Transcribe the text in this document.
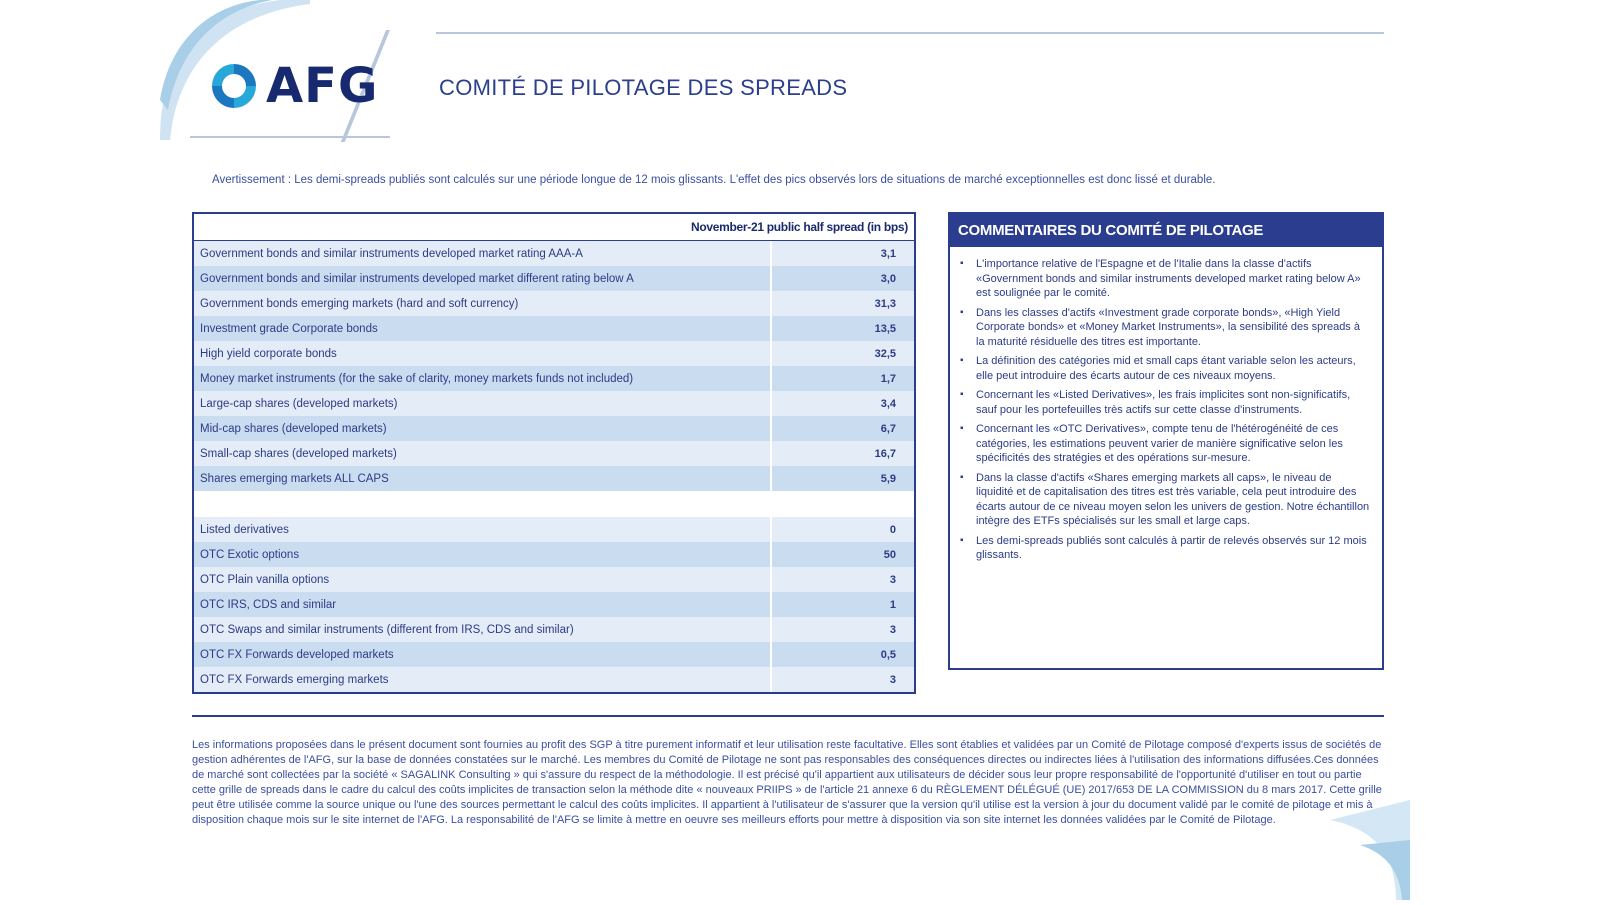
AFG	COMITÉ DE PILOTAGE DES SPREADS
Avertissement : Les demi-spreads publiés sont calculés sur une période longue de 12 mois glissants. L'effet des pics observés lors de situations de marché exceptionnelles est donc lissé et durable.
November-21 public half spread (in bps)
Government bonds and similar instruments developed market rating AAA-A	3,1
Government bonds and similar instruments developed market different rating below A	3,0
Government bonds emerging markets (hard and soft currency)	31,3
Investment grade Corporate bonds	13,5
High yield corporate bonds	32,5
Money market instruments (for the sake of clarity, money markets funds not included)	1,7
Large-cap shares (developed markets)	3,4
Mid-cap shares (developed markets)	6,7
Small-cap shares (developed markets)	16,7
Shares emerging markets ALL CAPS	5,9
Listed derivatives	0
OTC Exotic options	50
OTC Plain vanilla options	3
OTC IRS, CDS and similar	1
OTC Swaps and similar instruments (different from IRS, CDS and similar)	3
OTC FX Forwards developed markets	0,5
OTC FX Forwards emerging markets	3
COMMENTAIRES DU COMITÉ DE PILOTAGE
▪ L'importance relative de l'Espagne et de l'Italie dans la classe d'actifs «Government bonds and similar instruments developed market rating below A» est soulignée par le comité.
▪ Dans les classes d'actifs «Investment grade corporate bonds», «High Yield Corporate bonds» et «Money Market Instruments», la sensibilité des spreads à la maturité résiduelle des titres est importante.
▪ La définition des catégories mid et small caps étant variable selon les acteurs, elle peut introduire des écarts autour de ces niveaux moyens.
▪ Concernant les «Listed Derivatives», les frais implicites sont non-significatifs, sauf pour les portefeuilles très actifs sur cette classe d'instruments.
▪ Concernant les «OTC Derivatives», compte tenu de l'hétérogénéité de ces catégories, les estimations peuvent varier de manière significative selon les spécificités des stratégies et des opérations sur-mesure.
▪ Dans la classe d'actifs «Shares emerging markets all caps», le niveau de liquidité et de capitalisation des titres est très variable, cela peut introduire des écarts autour de ce niveau moyen selon les univers de gestion. Notre échantillon intègre des ETFs spécialisés sur les small et large caps.
▪ Les demi-spreads publiés sont calculés à partir de relevés observés sur 12 mois glissants.
Les informations proposées dans le présent document sont fournies au profit des SGP à titre purement informatif et leur utilisation reste facultative. Elles sont établies et validées par un Comité de Pilotage composé d'experts issus de sociétés de gestion adhérentes de l'AFG, sur la base de données constatées sur le marché. Les membres du Comité de Pilotage ne sont pas responsables des conséquences directes ou indirectes liées à l'utilisation des informations diffusées.Ces données de marché sont collectées par la société « SAGALINK Consulting » qui s'assure du respect de la méthodologie. Il est précisé qu'il appartient aux utilisateurs de décider sous leur propre responsabilité de l'opportunité d'utiliser en tout ou partie cette grille de spreads dans le cadre du calcul des coûts implicites de transaction selon la méthode dite « nouveaux PRIIPS » de l'article 21 annexe 6 du RÈGLEMENT DÉLÉGUÉ (UE) 2017/653 DE LA COMMISSION du 8 mars 2017. Cette grille peut être utilisée comme la source unique ou l'une des sources permettant le calcul des coûts implicites. Il appartient à l'utilisateur de s'assurer que la version qu'il utilise est la version à jour du document validé par le comité de pilotage et mis à disposition chaque mois sur le site internet de l'AFG. La responsabilité de l'AFG se limite à mettre en oeuvre ses meilleurs efforts pour mettre à disposition via son site internet les données validées par le Comité de Pilotage.
